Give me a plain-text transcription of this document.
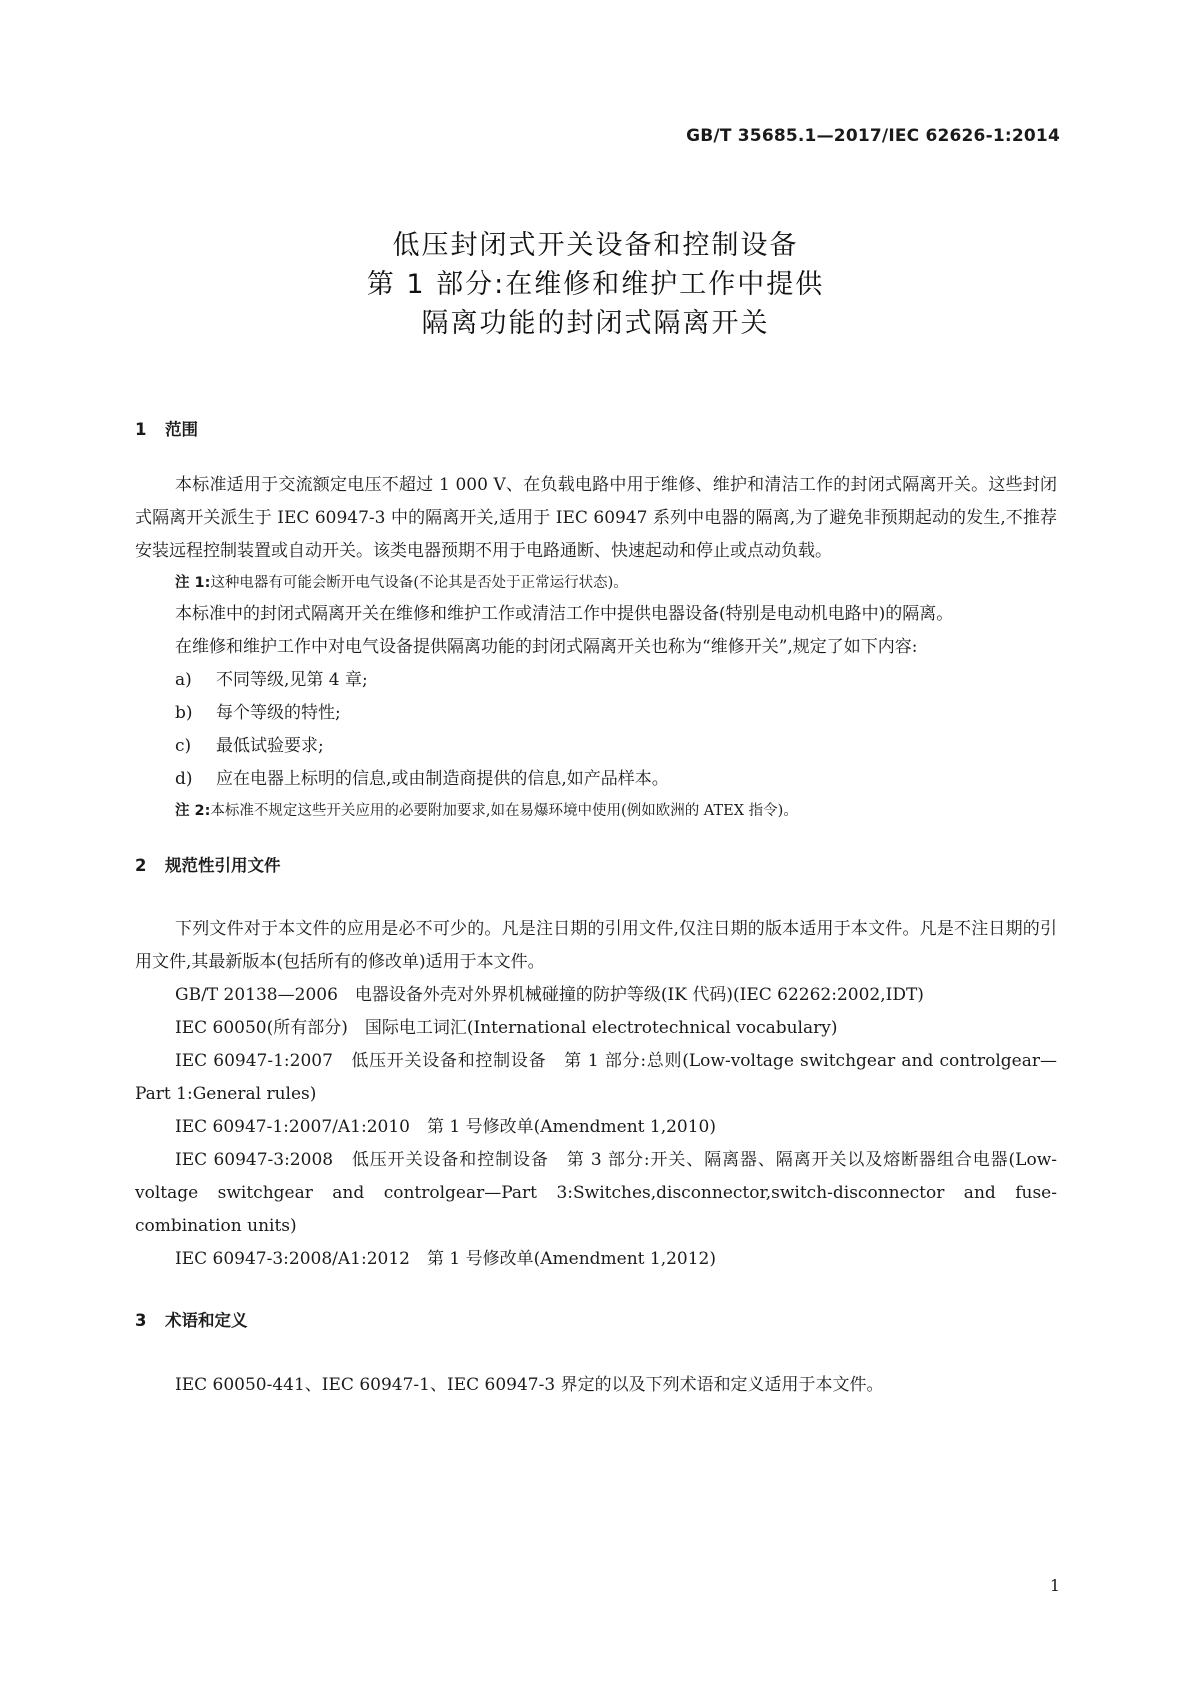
GB/T 35685.1—2017/IEC 62626-1:2014
低压封闭式开关设备和控制设备
第 1 部分:在维修和维护工作中提供
隔离功能的封闭式隔离开关
1 范围

本标准适用于交流额定电压不超过 1 000 V、在负载电路中用于维修、维护和清洁工作的封闭式隔离开关。这些封闭式隔离开关派生于 IEC 60947-3 中的隔离开关,适用于 IEC 60947 系列中电器的隔离,为了避免非预期起动的发生,不推荐安装远程控制装置或自动开关。该类电器预期不用于电路通断、快速起动和停止或点动负载。

注 1:这种电器有可能会断开电气设备(不论其是否处于正常运行状态)。

本标准中的封闭式隔离开关在维修和维护工作或清洁工作中提供电器设备(特别是电动机电路中)的隔离。

在维修和维护工作中对电气设备提供隔离功能的封闭式隔离开关也称为“维修开关”,规定了如下内容:

a) 不同等级,见第 4 章;
b) 每个等级的特性;
c) 最低试验要求;
d) 应在电器上标明的信息,或由制造商提供的信息,如产品样本。
注 2:本标准不规定这些开关应用的必要附加要求,如在易爆环境中使用(例如欧洲的 ATEX 指令)。
2 规范性引用文件

下列文件对于本文件的应用是必不可少的。凡是注日期的引用文件,仅注日期的版本适用于本文件。凡是不注日期的引用文件,其最新版本(包括所有的修改单)适用于本文件。

GB/T 20138—2006　电器设备外壳对外界机械碰撞的防护等级(IK 代码)(IEC 62262:2002,IDT)

IEC 60050(所有部分)　国际电工词汇(International electrotechnical vocabulary)

IEC 60947-1:2007　低压开关设备和控制设备　第 1 部分:总则(Low-voltage switchgear and controlgear—Part 1:General rules)

IEC 60947-1:2007/A1:2010　第 1 号修改单(Amendment 1,2010)

IEC 60947-3:2008　低压开关设备和控制设备　第 3 部分:开关、隔离器、隔离开关以及熔断器组合电器(Low-voltage switchgear and controlgear—Part 3:Switches,disconnector,switch-disconnector and fuse-combination units)

IEC 60947-3:2008/A1:2012　第 1 号修改单(Amendment 1,2012)

3 术语和定义

IEC 60050-441、IEC 60947-1、IEC 60947-3 界定的以及下列术语和定义适用于本文件。

1
